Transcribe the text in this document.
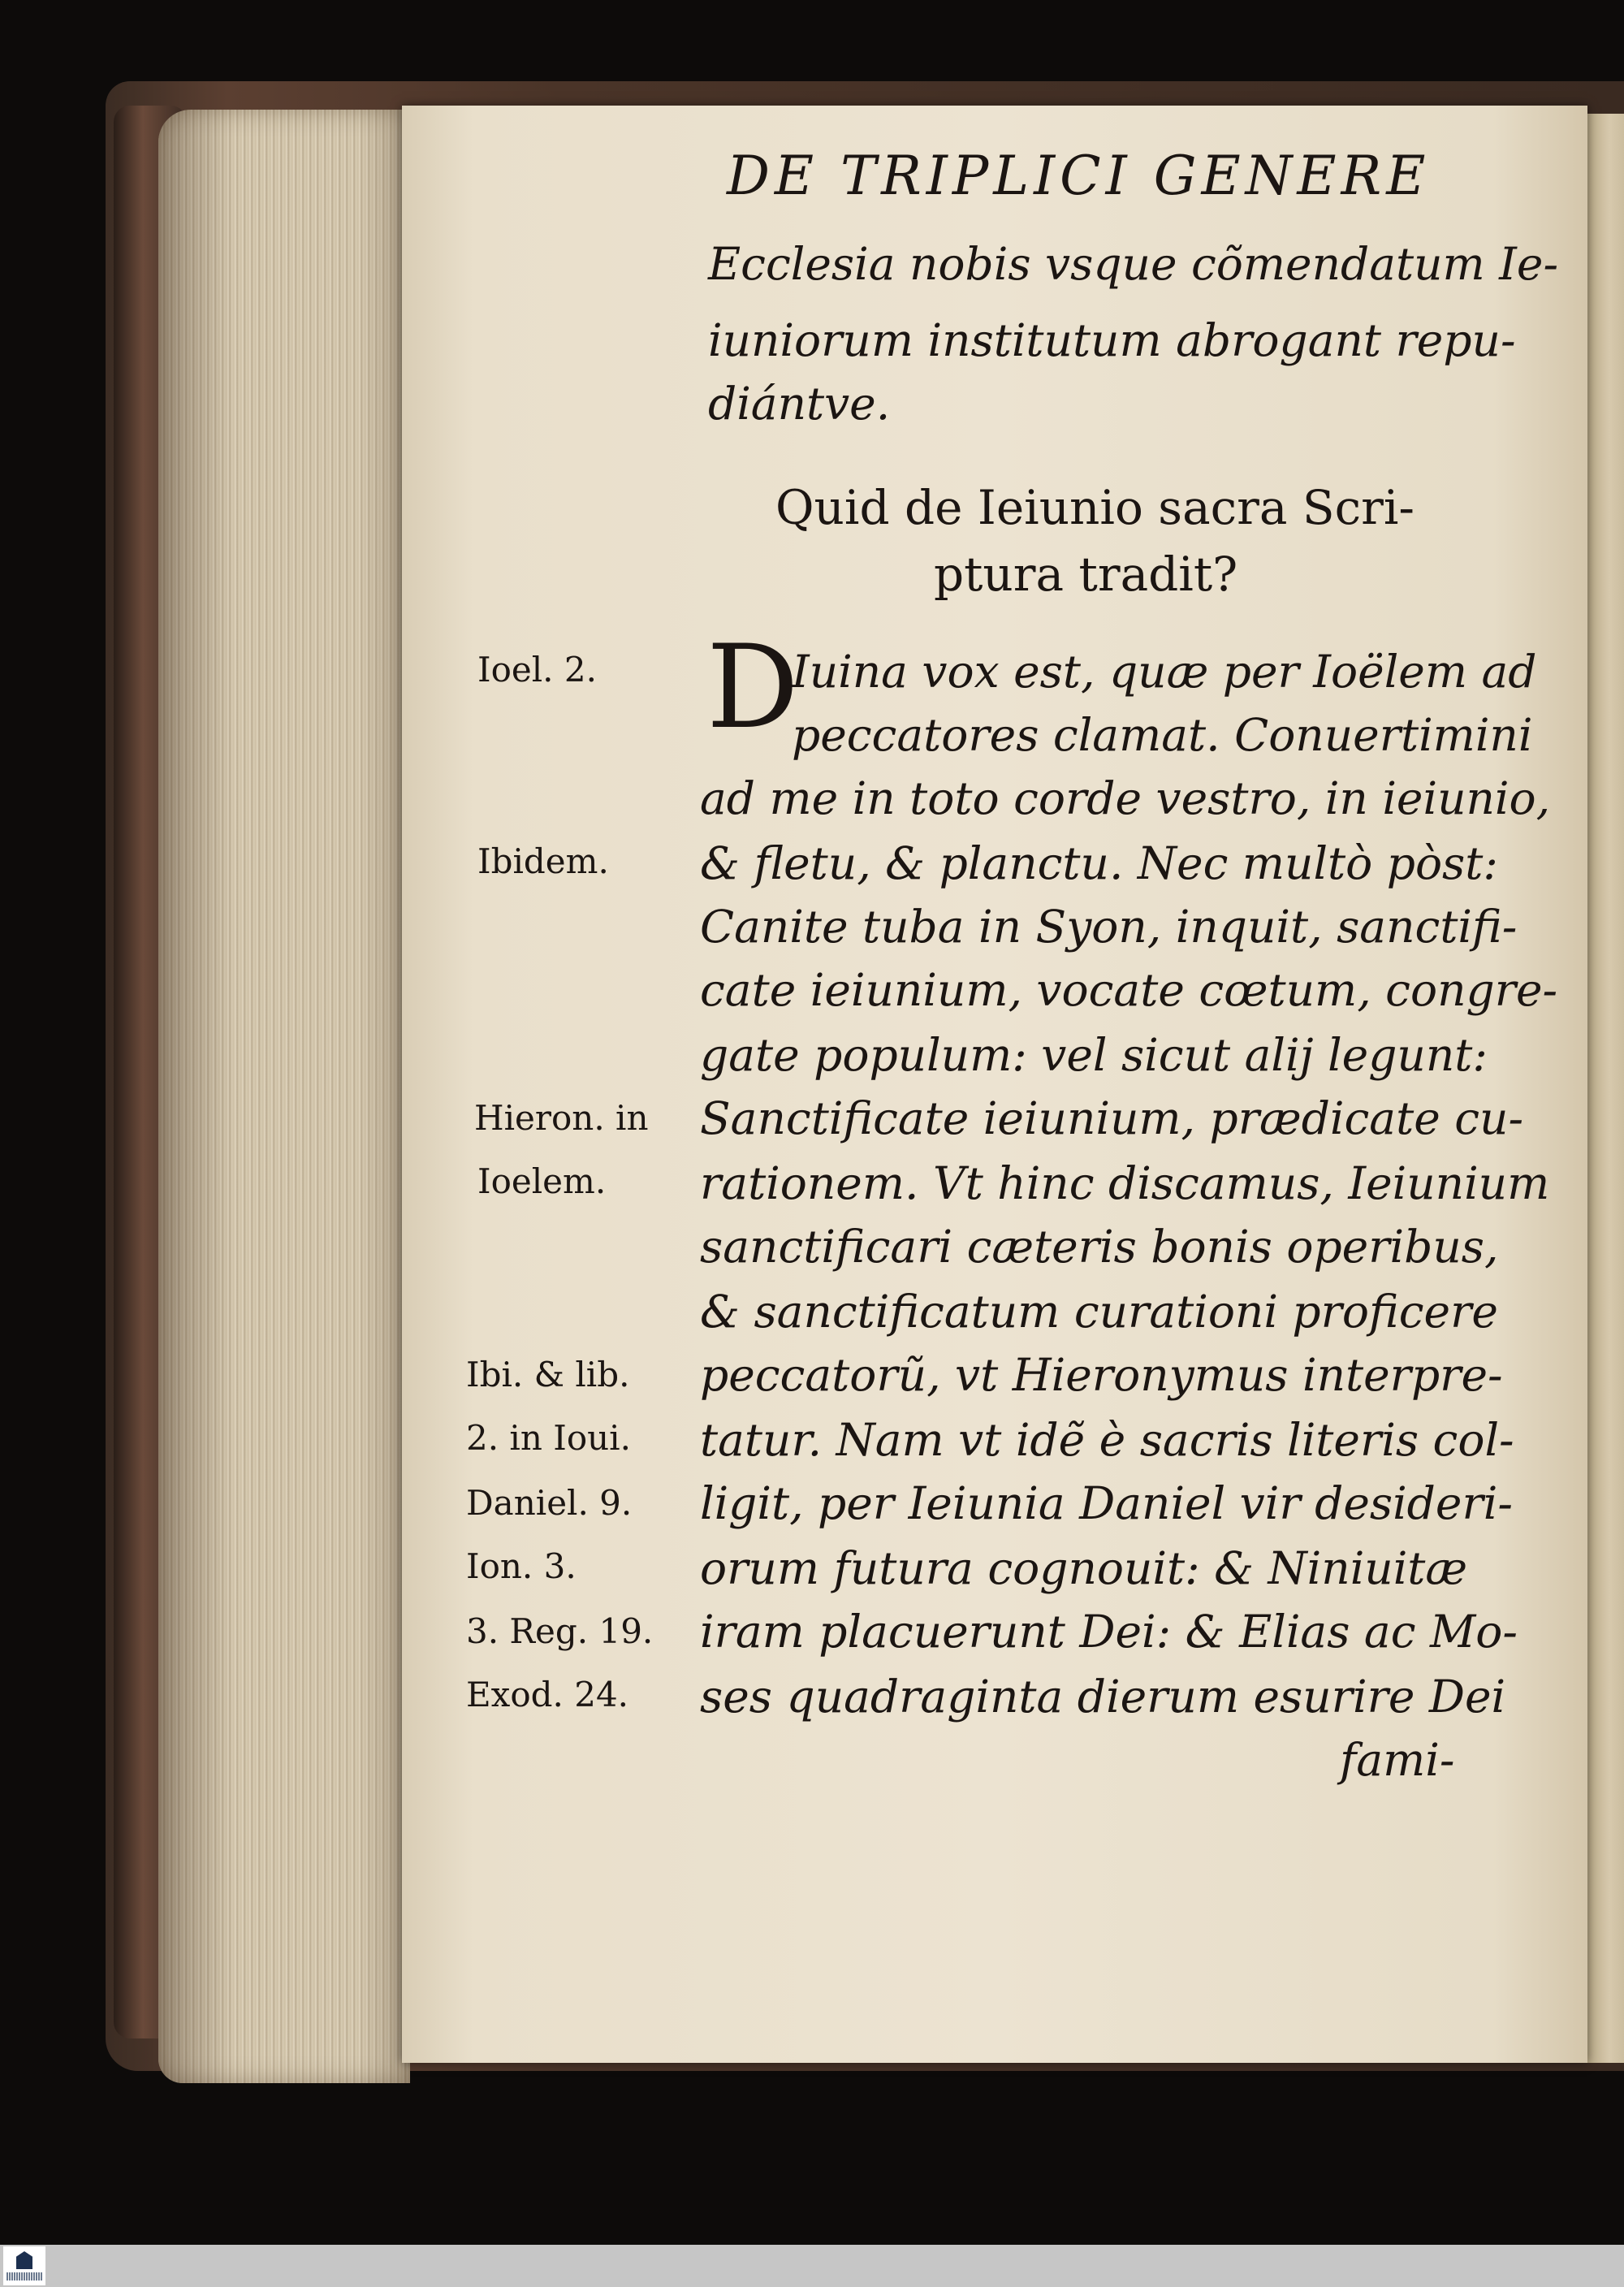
DE TRIPLICI GENERE

Ecclesia nobis vsque cõmendatum Ie-

iuniorum institutum abrogant repu-

diántve.

Quid de Ieiunio sacra Scri-

ptura tradit?

D

Iuina vox est, quæ per Ioëlem ad

peccatores clamat. Conuertimini

ad me in toto corde vestro, in ieiunio,

& fletu, & planctu. Nec multò pòst:

Canite tuba in Syon, inquit, sanctifi-

cate ieiunium, vocate cœtum, congre-

gate populum: vel sicut alij legunt:

Sanctificate ieiunium, prædicate cu-

rationem. Vt hinc discamus, Ieiunium

sanctificari cæteris bonis operibus,

& sanctificatum curationi proficere

peccatorũ, vt Hieronymus interpre-

tatur. Nam vt idẽ è sacris literis col-

ligit, per Ieiunia Daniel vir desideri-

orum futura cognouit: & Niniuitæ

iram placuerunt Dei: & Elias ac Mo-

ses quadraginta dierum esurire Dei

fami-

Ioel. 2.

Ibidem.

Hieron. in

Ioelem.

Ibi. & lib.

2. in Ioui.

Daniel. 9.

Ion. 3.

3. Reg. 19.

Exod. 24.
